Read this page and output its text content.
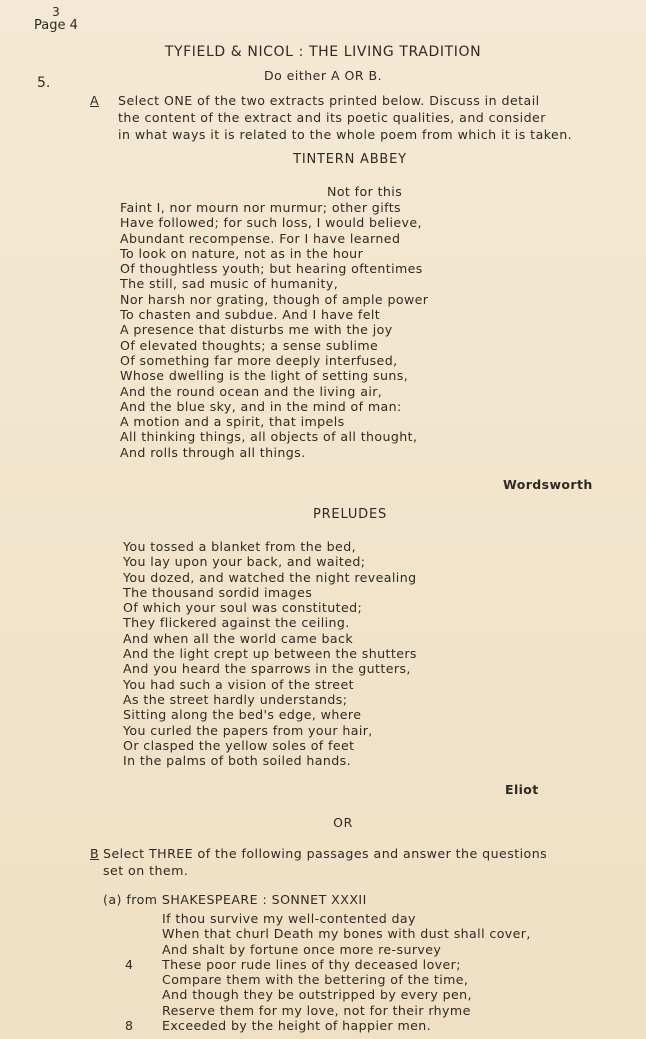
3
Page 4
TYFIELD & NICOL : THE LIVING TRADITION
Do either A OR B.
5.
A Select ONE of the two extracts printed below. Discuss in detail
the content of the extract and its poetic qualities, and consider
in what ways it is related to the whole poem from which it is taken.
TINTERN ABBEY
Not for this
Faint I, nor mourn nor murmur; other gifts
Have followed; for such loss, I would believe,
Abundant recompense. For I have learned
To look on nature, not as in the hour
Of thoughtless youth; but hearing oftentimes
The still, sad music of humanity,
Nor harsh nor grating, though of ample power
To chasten and subdue. And I have felt
A presence that disturbs me with the joy
Of elevated thoughts; a sense sublime
Of something far more deeply interfused,
Whose dwelling is the light of setting suns,
And the round ocean and the living air,
And the blue sky, and in the mind of man:
A motion and a spirit, that impels
All thinking things, all objects of all thought,
And rolls through all things.
Wordsworth
PRELUDES
You tossed a blanket from the bed,
You lay upon your back, and waited;
You dozed, and watched the night revealing
The thousand sordid images
Of which your soul was constituted;
They flickered against the ceiling.
And when all the world came back
And the light crept up between the shutters
And you heard the sparrows in the gutters,
You had such a vision of the street
As the street hardly understands;
Sitting along the bed's edge, where
You curled the papers from your hair,
Or clasped the yellow soles of feet
In the palms of both soiled hands.
Eliot
OR
B Select THREE of the following passages and answer the questions
set on them.
(a) from SHAKESPEARE : SONNET XXXII
4
8
If thou survive my well-contented day
When that churl Death my bones with dust shall cover,
And shalt by fortune once more re-survey
These poor rude lines of thy deceased lover;
Compare them with the bettering of the time,
And though they be outstripped by every pen,
Reserve them for my love, not for their rhyme
Exceeded by the height of happier men.
